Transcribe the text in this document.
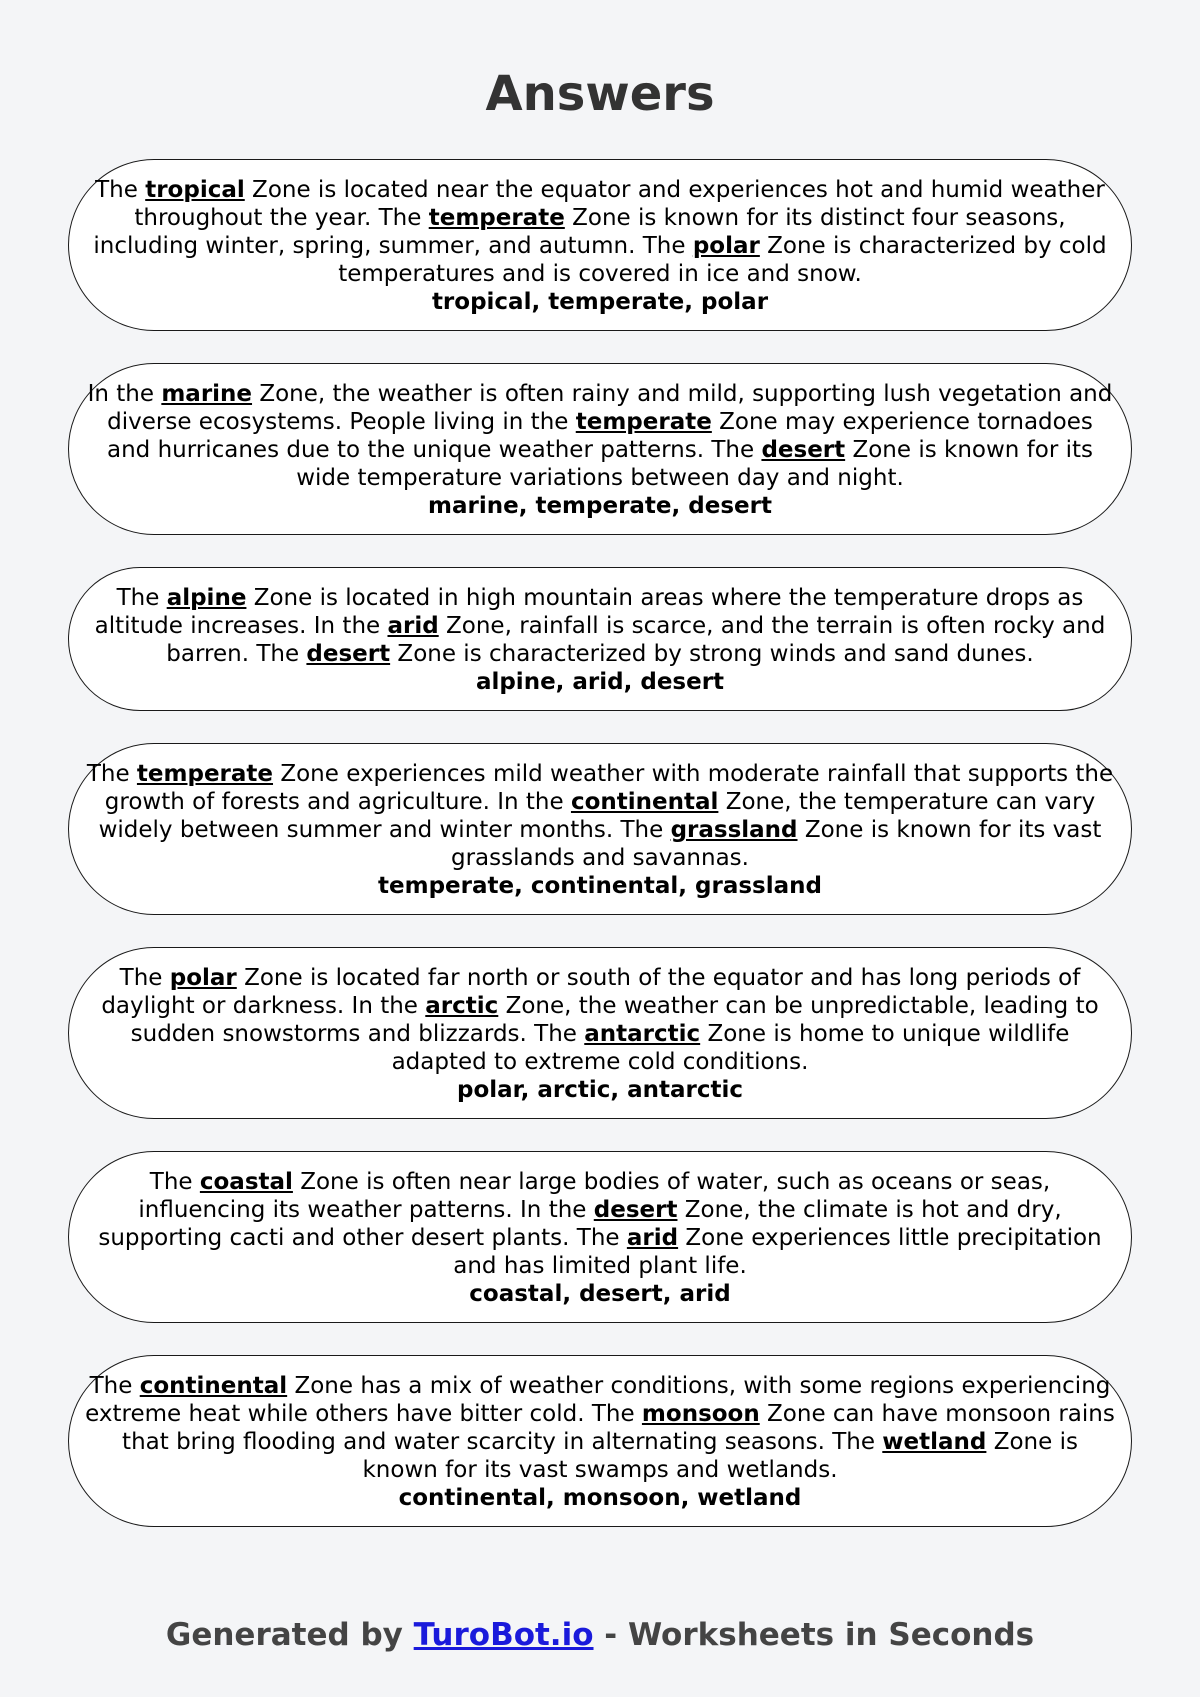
Answers
The tropical Zone is located near the equator and experiences hot and humid weather throughout the year. The temperate Zone is known for its distinct four seasons, including winter, spring, summer, and autumn. The polar Zone is characterized by cold temperatures and is covered in ice and snow.
tropical, temperate, polar
In the marine Zone, the weather is often rainy and mild, supporting lush vegetation and diverse ecosystems. People living in the temperate Zone may experience tornadoes and hurricanes due to the unique weather patterns. The desert Zone is known for its wide temperature variations between day and night.
marine, temperate, desert
The alpine Zone is located in high mountain areas where the temperature drops as altitude increases. In the arid Zone, rainfall is scarce, and the terrain is often rocky and barren. The desert Zone is characterized by strong winds and sand dunes.
alpine, arid, desert
The temperate Zone experiences mild weather with moderate rainfall that supports the growth of forests and agriculture. In the continental Zone, the temperature can vary widely between summer and winter months. The grassland Zone is known for its vast grasslands and savannas.
temperate, continental, grassland
The polar Zone is located far north or south of the equator and has long periods of daylight or darkness. In the arctic Zone, the weather can be unpredictable, leading to sudden snowstorms and blizzards. The antarctic Zone is home to unique wildlife adapted to extreme cold conditions.
polar, arctic, antarctic
The coastal Zone is often near large bodies of water, such as oceans or seas, influencing its weather patterns. In the desert Zone, the climate is hot and dry, supporting cacti and other desert plants. The arid Zone experiences little precipitation and has limited plant life.
coastal, desert, arid
The continental Zone has a mix of weather conditions, with some regions experiencing extreme heat while others have bitter cold. The monsoon Zone can have monsoon rains that bring flooding and water scarcity in alternating seasons. The wetland Zone is known for its vast swamps and wetlands.
continental, monsoon, wetland
Generated by TuroBot.io - Worksheets in Seconds
